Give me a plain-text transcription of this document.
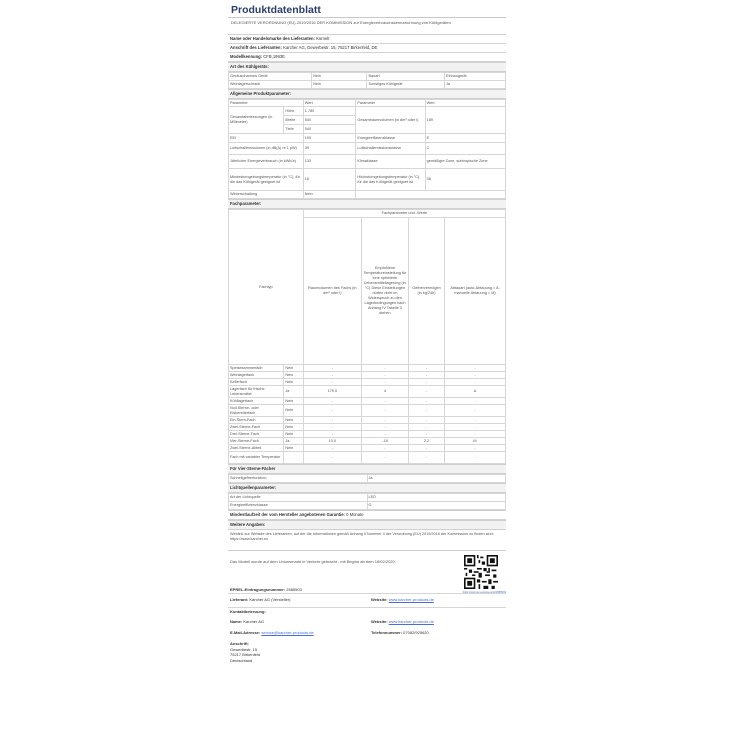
Produktdatenblatt
DELEGIERTE VERORDNUNG (EU) 2019/2016 DER KOMMISSION zur Energieverbrauchskennzeichnung von Kühlgeräten
Name oder Handelsmarke des Lieferanten: Kornelt
Anschrift des Lieferanten: Karcher AG, Gewerbestr. 15, 75217 Birkenfeld, DE
Modellkennung: CFB,1993E
Art des Kühlgeräts:
Geräuscharmes Gerät	Nein	Bauart	Einbaugerät
Weinlagerschrank	Nein	Sonstiges Kühlgerät	Ja
Allgemeine Produktparameter:
Parameter		Wert	Parameter	Wert
Gesamtabmessungen (in Millimeter)	Höhe	1 780	Gesamtraumvolumen (in dm³ oder l)	189
	Breite	540		
	Tiefe	540		
EEI		100	Energieeffizienzklasse	E
Luftschallemissionen (in dB(A) re 1 pW)		39	Luftschallemissionsklasse	C
Jährlicher Energieverbrauch (in kWh/a)		133	Klimaklasse	gemäßigte Zone, subtropische Zone
Mindestumgebungstemperatur (in °C), für die das Kühlgerät geeignet ist		16	Höchstumgebungstemperatur (in °C), für die das Kühlgerät geeignet ist	38
Winterschaltung		Nein		
Fachparameter:
Fachtyp		Fachparameter und -Werte			
		Raumvolumen des Fachs (in dm³ oder l)	Empfohlene Temperatureinstellung für eine optimierte Lebensmittellagerung (in °C) Diese Einstellungen dürfen nicht im Widerspruch zu den Lagerbedingungen nach Anhang IV Tabelle 3 stehen	Gefriervermögen (in kg/24h)	Abtauart (auto-Abtauung = A, manuelle Abtauung = M)
Speisekammerfach	Nein	-	-	-	-
Weinlagerfach	Nein	-	-	-	-
Kellerfach	Nein	-	-	-	-
Lagerfach für frische Lebensmittel	Ja	179,0	4	-	A
Kühllagerfach	Nein	-	-	-	-
Null-Sterne- oder Eisbereiterfach	Nein	-	-	-	-
Ein-Stern-Fach	Nein	-	-	-	-
Zwei-Sterne-Fach	Nein	-	-	-	-
Drei-Sterne-Fach	Nein	-	-	-	-
Vier-Sterne-Fach	Ja	10,0	-18	2,2	M
Zwei-Sterne-Abteil	Nein	-	-	-	-
Fach mit variabler Temperatur		-	-	-	-
Für Vier-Sterne-Fächer
Schnellgefrierfunktion	Ja
Lichtquellenparameter:
Art der Lichtquelle	LED
Energieeffizienzklasse	G
Mindestlaufzeit der vom Hersteller angebotenen Garantie: 0 Monate
Weitere Angaben:
Weblink zur Website des Lieferanten, auf der die Informationen gemäß Anhang II Nummer 4 der Verordnung (EU) 2019/2016 der Kommission zu finden sind: https://www.karcher.eu
Das Modell wurde auf dem Unionsmarkt in Verkehr gebracht , mit Beginn ab dem 18/02/2020.
https://eprel.ec.europa.eu/qr/2585503
EPREL-Eintragungsnummer: 2585503
Lieferant: Karcher AG (Versteller)	Website: www.karcher-products.de
Kontaktbetreuung:
Name: Karcher AG	Website: www.karcher-products.de
E-Mail-Adresse: service@karcher-products.de	Telefonnummer: 07082/925620
Anschrift:
Gewerbestr. 15
75217 Birkenfeld
Deutschland
